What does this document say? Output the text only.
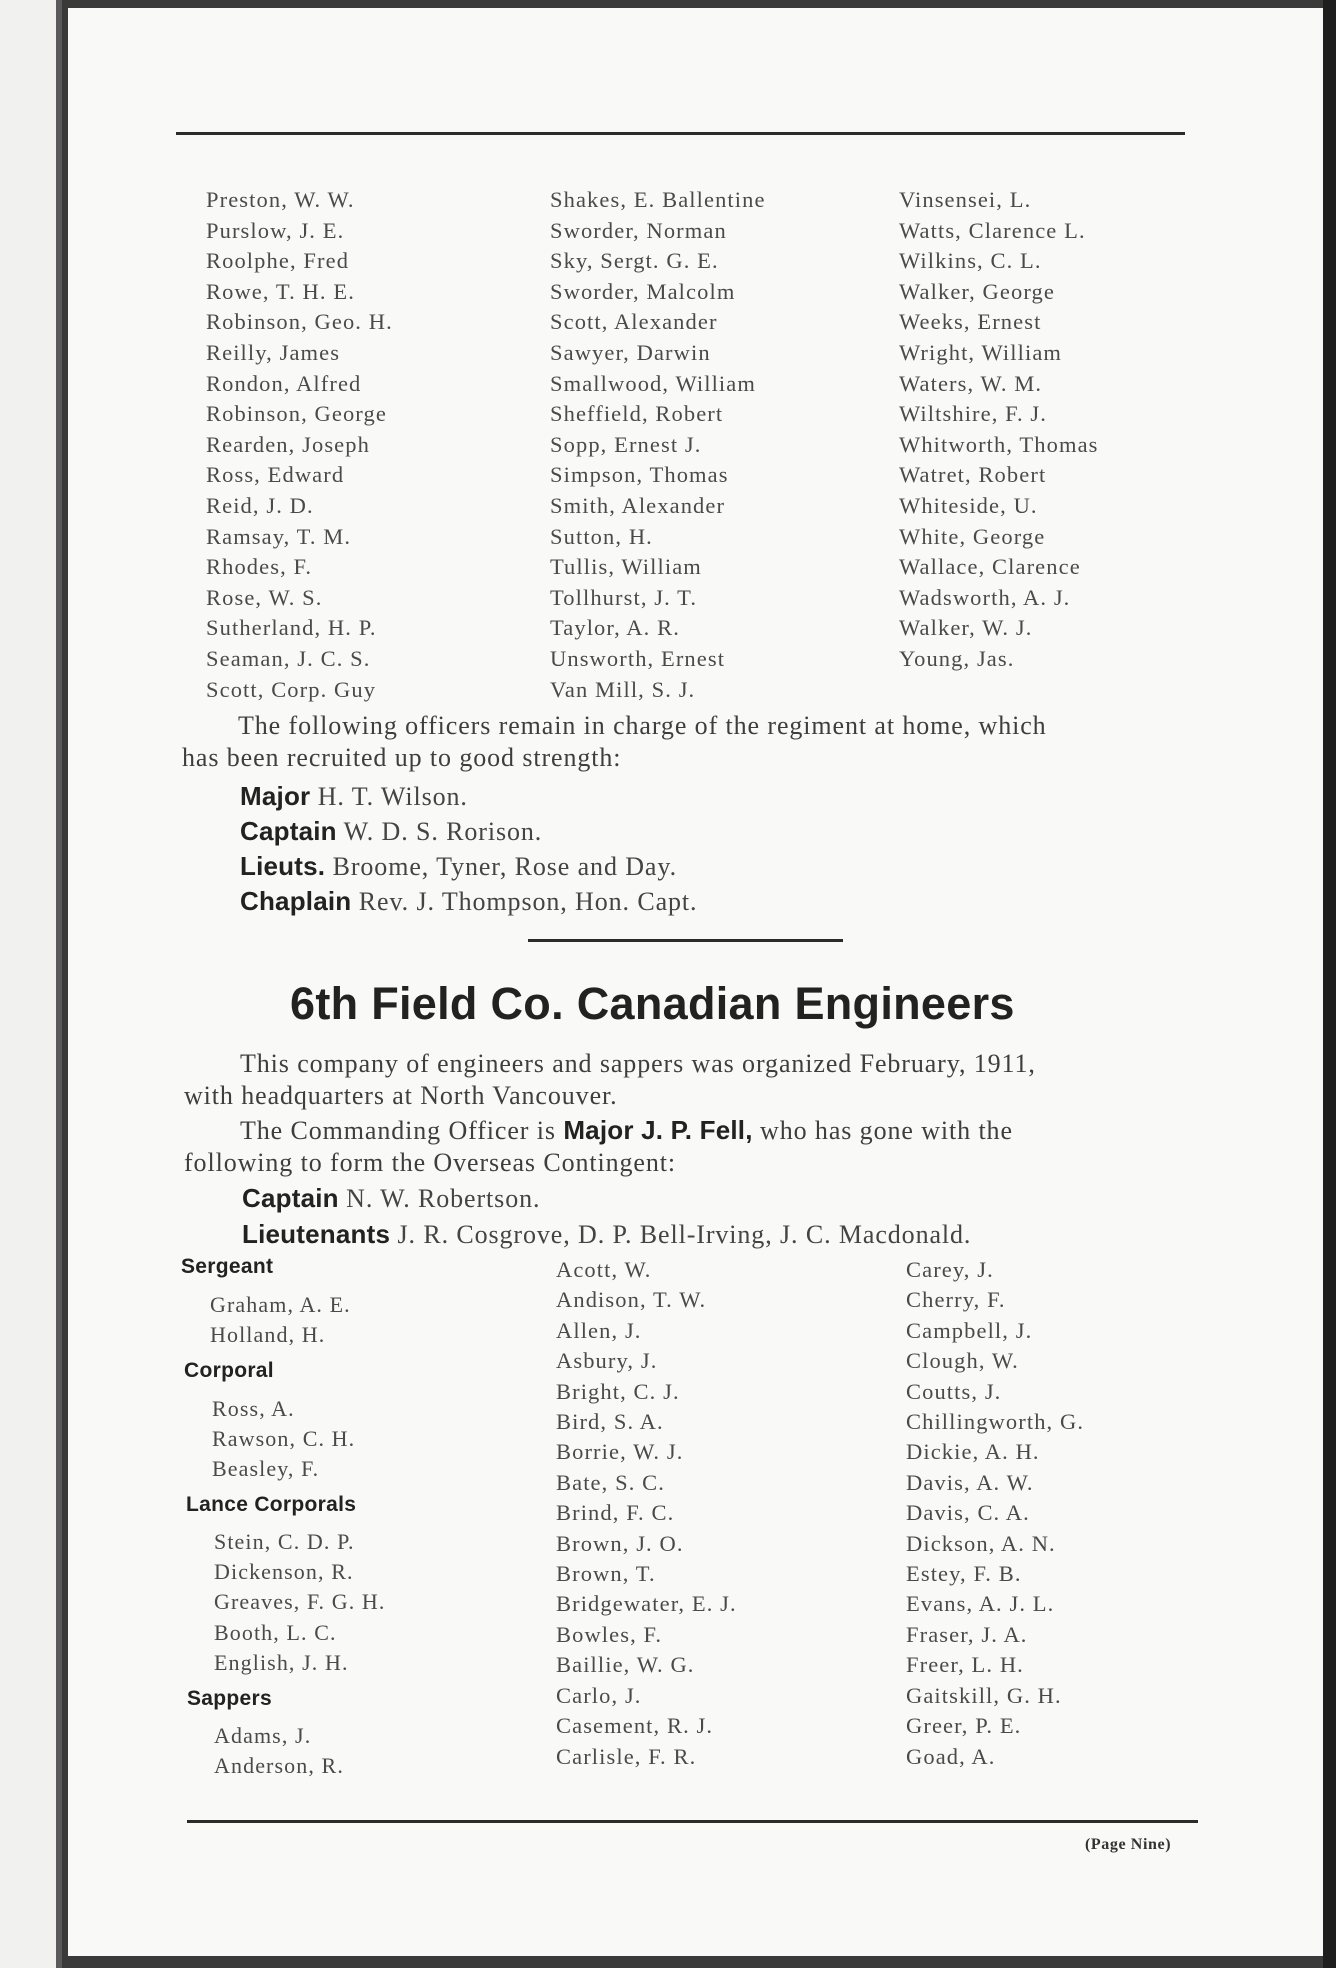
Preston, W. W.
Purslow, J. E.
Roolphe, Fred
Rowe, T. H. E.
Robinson, Geo. H.
Reilly, James
Rondon, Alfred
Robinson, George
Rearden, Joseph
Ross, Edward
Reid, J. D.
Ramsay, T. M.
Rhodes, F.
Rose, W. S.
Sutherland, H. P.
Seaman, J. C. S.
Scott, Corp. Guy
Shakes, E. Ballentine
Sworder, Norman
Sky, Sergt. G. E.
Sworder, Malcolm
Scott, Alexander
Sawyer, Darwin
Smallwood, William
Sheffield, Robert
Sopp, Ernest J.
Simpson, Thomas
Smith, Alexander
Sutton, H.
Tullis, William
Tollhurst, J. T.
Taylor, A. R.
Unsworth, Ernest
Van Mill, S. J.
Vinsensei, L.
Watts, Clarence L.
Wilkins, C. L.
Walker, George
Weeks, Ernest
Wright, William
Waters, W. M.
Wiltshire, F. J.
Whitworth, Thomas
Watret, Robert
Whiteside, U.
White, George
Wallace, Clarence
Wadsworth, A. J.
Walker, W. J.
Young, Jas.
The following officers remain in charge of the regiment at home, which
has been recruited up to good strength:
Major H. T. Wilson.
Captain W. D. S. Rorison.
Lieuts. Broome, Tyner, Rose and Day.
Chaplain Rev. J. Thompson, Hon. Capt.
6th Field Co. Canadian Engineers
This company of engineers and sappers was organized February, 1911,
with headquarters at North Vancouver.
The Commanding Officer is Major J. P. Fell, who has gone with the
following to form the Overseas Contingent:
Captain N. W. Robertson.
Lieutenants J. R. Cosgrove, D. P. Bell-Irving, J. C. Macdonald.
Sergeant
Graham, A. E.
Holland, H.
Corporal
Ross, A.
Rawson, C. H.
Beasley, F.
Lance Corporals
Stein, C. D. P.
Dickenson, R.
Greaves, F. G. H.
Booth, L. C.
English, J. H.
Sappers
Adams, J.
Anderson, R.
Acott, W.
Andison, T. W.
Allen, J.
Asbury, J.
Bright, C. J.
Bird, S. A.
Borrie, W. J.
Bate, S. C.
Brind, F. C.
Brown, J. O.
Brown, T.
Bridgewater, E. J.
Bowles, F.
Baillie, W. G.
Carlo, J.
Casement, R. J.
Carlisle, F. R.
Carey, J.
Cherry, F.
Campbell, J.
Clough, W.
Coutts, J.
Chillingworth, G.
Dickie, A. H.
Davis, A. W.
Davis, C. A.
Dickson, A. N.
Estey, F. B.
Evans, A. J. L.
Fraser, J. A.
Freer, L. H.
Gaitskill, G. H.
Greer, P. E.
Goad, A.
(Page Nine)
